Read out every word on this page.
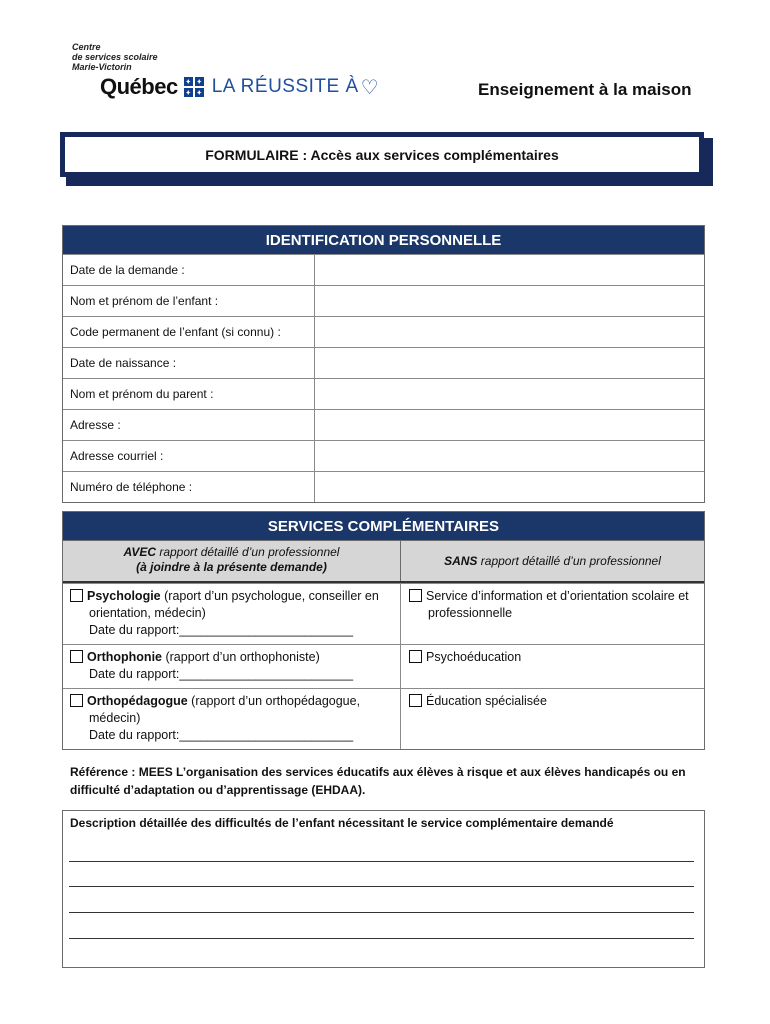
Centre
de services scolaire
Marie-Victorin
Québec LA RÉUSSITE À ♡	Enseignement à la maison
FORMULAIRE : Accès aux services complémentaires
IDENTIFICATION PERSONNELLE
Date de la demande :
Nom et prénom de l’enfant :
Code permanent de l’enfant (si connu) :
Date de naissance :
Nom et prénom du parent :
Adresse :
Adresse courriel :
Numéro de téléphone :
SERVICES COMPLÉMENTAIRES
AVEC rapport détaillé d’un professionnel
(à joindre à la présente demande)	SANS rapport détaillé d’un professionnel
Psychologie (raport d’un psychologue, conseiller en orientation, médecin)
Date du rapport:_________________________
Service d’information et d’orientation scolaire et professionnelle
Orthophonie (rapport d’un orthophoniste)
Date du rapport:_________________________
Psychoéducation
Orthopédagogue (rapport d’un orthopédagogue, médecin)
Date du rapport:_________________________
Éducation spécialisée
Référence : MEES L’organisation des services éducatifs aux élèves à risque et aux élèves handicapés ou en difficulté d’adaptation ou d’apprentissage (EHDAA).
Description détaillée des difficultés de l’enfant nécessitant le service complémentaire demandé
